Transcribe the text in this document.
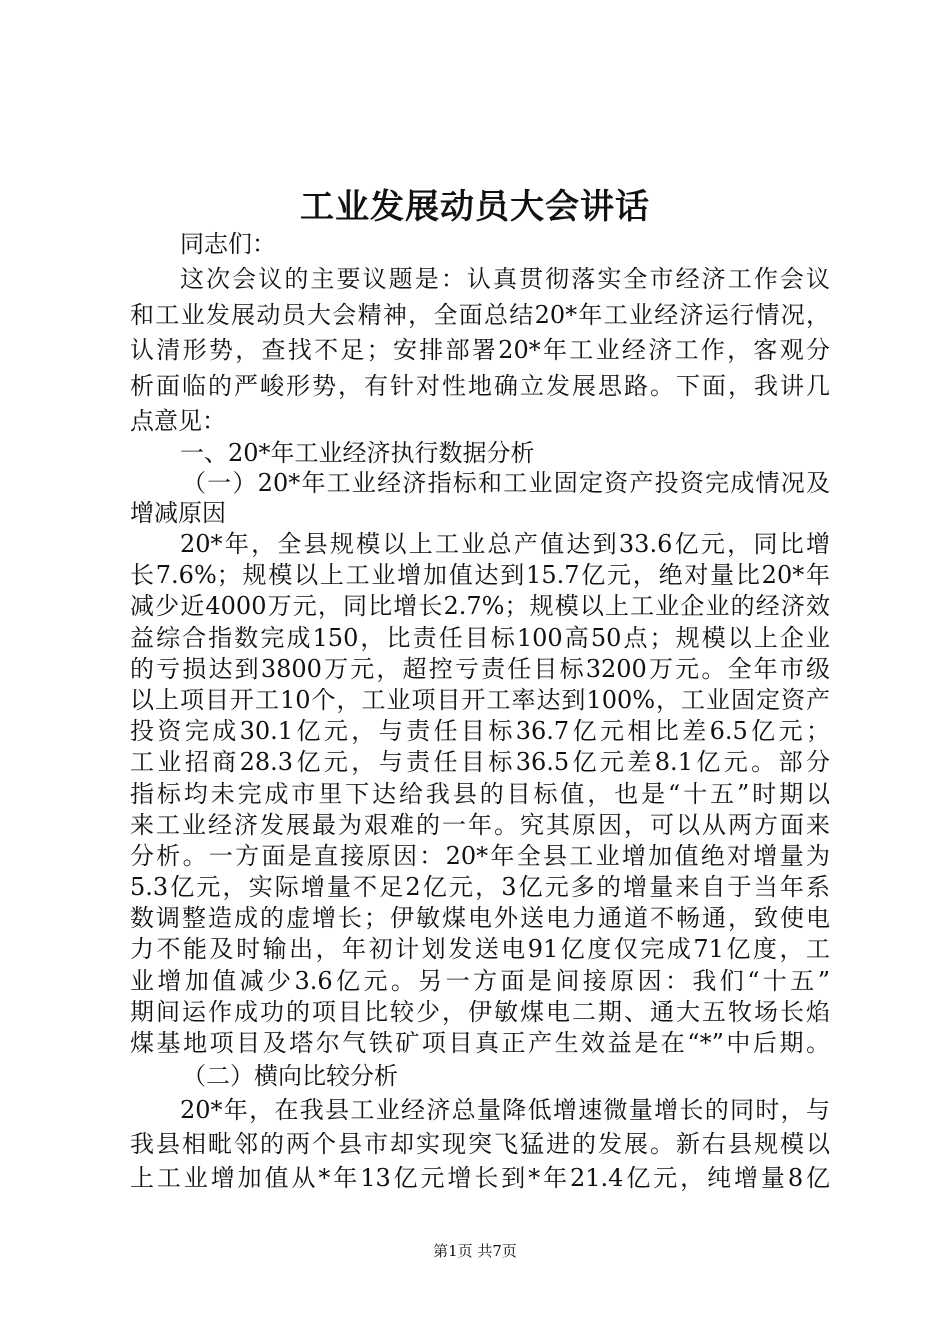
工业发展动员大会讲话
同志们：
这次会议的主要议题是：认真贯彻落实全市经济工作会议
和工业发展动员大会精神，全面总结20*年工业经济运行情况，
认清形势，查找不足；安排部署20*年工业经济工作，客观分
析面临的严峻形势，有针对性地确立发展思路。下面，我讲几
点意见：
一、20*年工业经济执行数据分析
（一）20*年工业经济指标和工业固定资产投资完成情况及
增减原因
20*年，全县规模以上工业总产值达到33.6亿元，同比增
长7.6%；规模以上工业增加值达到15.7亿元，绝对量比20*年
减少近4000万元，同比增长2.7%；规模以上工业企业的经济效
益综合指数完成150，比责任目标100高50点；规模以上企业
的亏损达到3800万元，超控亏责任目标3200万元。全年市级
以上项目开工10个，工业项目开工率达到100%，工业固定资产
投资完成30.1亿元，与责任目标36.7亿元相比差6.5亿元；
工业招商28.3亿元，与责任目标36.5亿元差8.1亿元。部分
指标均未完成市里下达给我县的目标值，也是“十五”时期以
来工业经济发展最为艰难的一年。究其原因，可以从两方面来
分析。一方面是直接原因：20*年全县工业增加值绝对增量为
5.3亿元，实际增量不足2亿元，3亿元多的增量来自于当年系
数调整造成的虚增长；伊敏煤电外送电力通道不畅通，致使电
力不能及时输出，年初计划发送电91亿度仅完成71亿度，工
业增加值减少3.6亿元。另一方面是间接原因：我们“十五”
期间运作成功的项目比较少，伊敏煤电二期、通大五牧场长焰
煤基地项目及塔尔气铁矿项目真正产生效益是在“*”中后期。
（二）横向比较分析
20*年，在我县工业经济总量降低增速微量增长的同时，与
我县相毗邻的两个县市却实现突飞猛进的发展。新右县规模以
上工业增加值从*年13亿元增长到*年21.4亿元，纯增量8亿
第1页 共7页
